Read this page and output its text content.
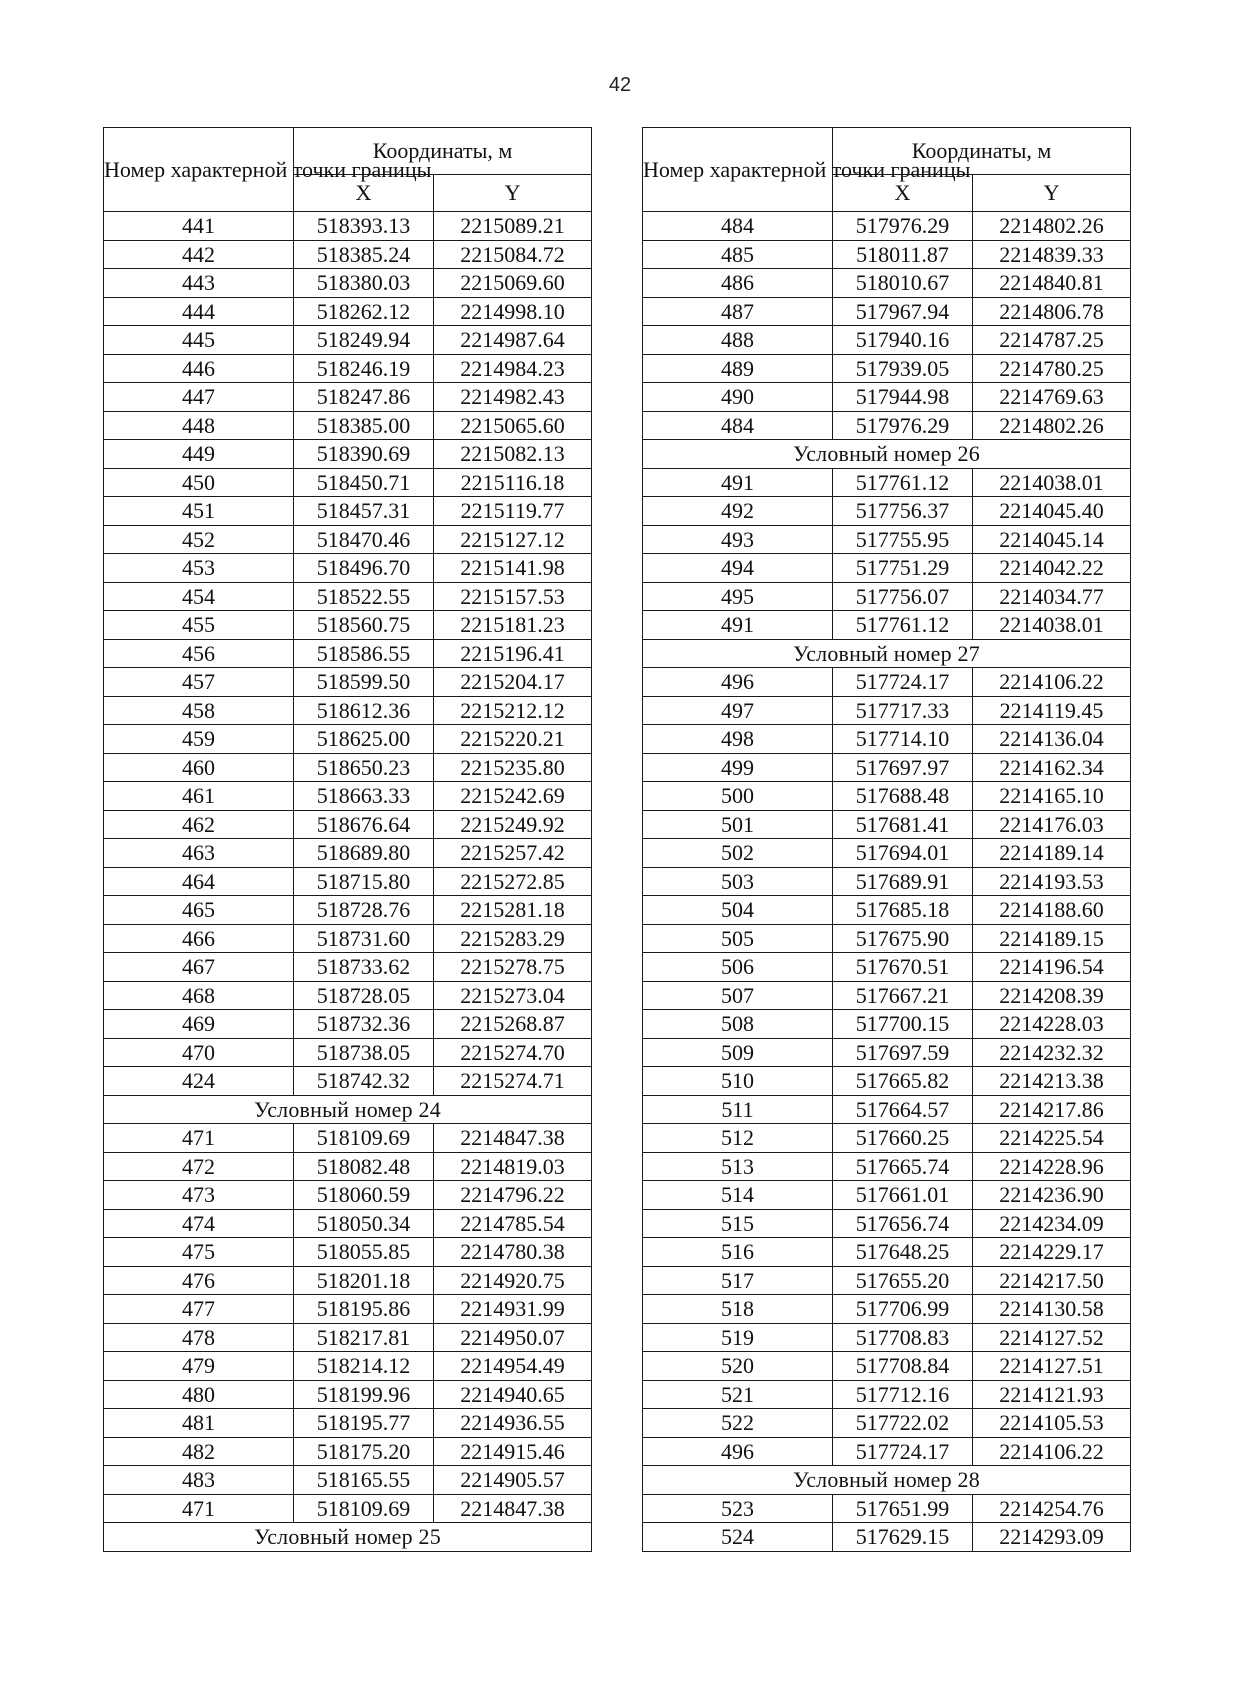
42
Номер характерной точки границы	Координаты, м	
	X	Y
441	518393.13	2215089.21
442	518385.24	2215084.72
443	518380.03	2215069.60
444	518262.12	2214998.10
445	518249.94	2214987.64
446	518246.19	2214984.23
447	518247.86	2214982.43
448	518385.00	2215065.60
449	518390.69	2215082.13
450	518450.71	2215116.18
451	518457.31	2215119.77
452	518470.46	2215127.12
453	518496.70	2215141.98
454	518522.55	2215157.53
455	518560.75	2215181.23
456	518586.55	2215196.41
457	518599.50	2215204.17
458	518612.36	2215212.12
459	518625.00	2215220.21
460	518650.23	2215235.80
461	518663.33	2215242.69
462	518676.64	2215249.92
463	518689.80	2215257.42
464	518715.80	2215272.85
465	518728.76	2215281.18
466	518731.60	2215283.29
467	518733.62	2215278.75
468	518728.05	2215273.04
469	518732.36	2215268.87
470	518738.05	2215274.70
424	518742.32	2215274.71
Условный номер 24		
471	518109.69	2214847.38
472	518082.48	2214819.03
473	518060.59	2214796.22
474	518050.34	2214785.54
475	518055.85	2214780.38
476	518201.18	2214920.75
477	518195.86	2214931.99
478	518217.81	2214950.07
479	518214.12	2214954.49
480	518199.96	2214940.65
481	518195.77	2214936.55
482	518175.20	2214915.46
483	518165.55	2214905.57
471	518109.69	2214847.38
Условный номер 25		
Номер характерной точки границы	Координаты, м	
	X	Y
484	517976.29	2214802.26
485	518011.87	2214839.33
486	518010.67	2214840.81
487	517967.94	2214806.78
488	517940.16	2214787.25
489	517939.05	2214780.25
490	517944.98	2214769.63
484	517976.29	2214802.26
Условный номер 26		
491	517761.12	2214038.01
492	517756.37	2214045.40
493	517755.95	2214045.14
494	517751.29	2214042.22
495	517756.07	2214034.77
491	517761.12	2214038.01
Условный номер 27		
496	517724.17	2214106.22
497	517717.33	2214119.45
498	517714.10	2214136.04
499	517697.97	2214162.34
500	517688.48	2214165.10
501	517681.41	2214176.03
502	517694.01	2214189.14
503	517689.91	2214193.53
504	517685.18	2214188.60
505	517675.90	2214189.15
506	517670.51	2214196.54
507	517667.21	2214208.39
508	517700.15	2214228.03
509	517697.59	2214232.32
510	517665.82	2214213.38
511	517664.57	2214217.86
512	517660.25	2214225.54
513	517665.74	2214228.96
514	517661.01	2214236.90
515	517656.74	2214234.09
516	517648.25	2214229.17
517	517655.20	2214217.50
518	517706.99	2214130.58
519	517708.83	2214127.52
520	517708.84	2214127.51
521	517712.16	2214121.93
522	517722.02	2214105.53
496	517724.17	2214106.22
Условный номер 28		
523	517651.99	2214254.76
524	517629.15	2214293.09
